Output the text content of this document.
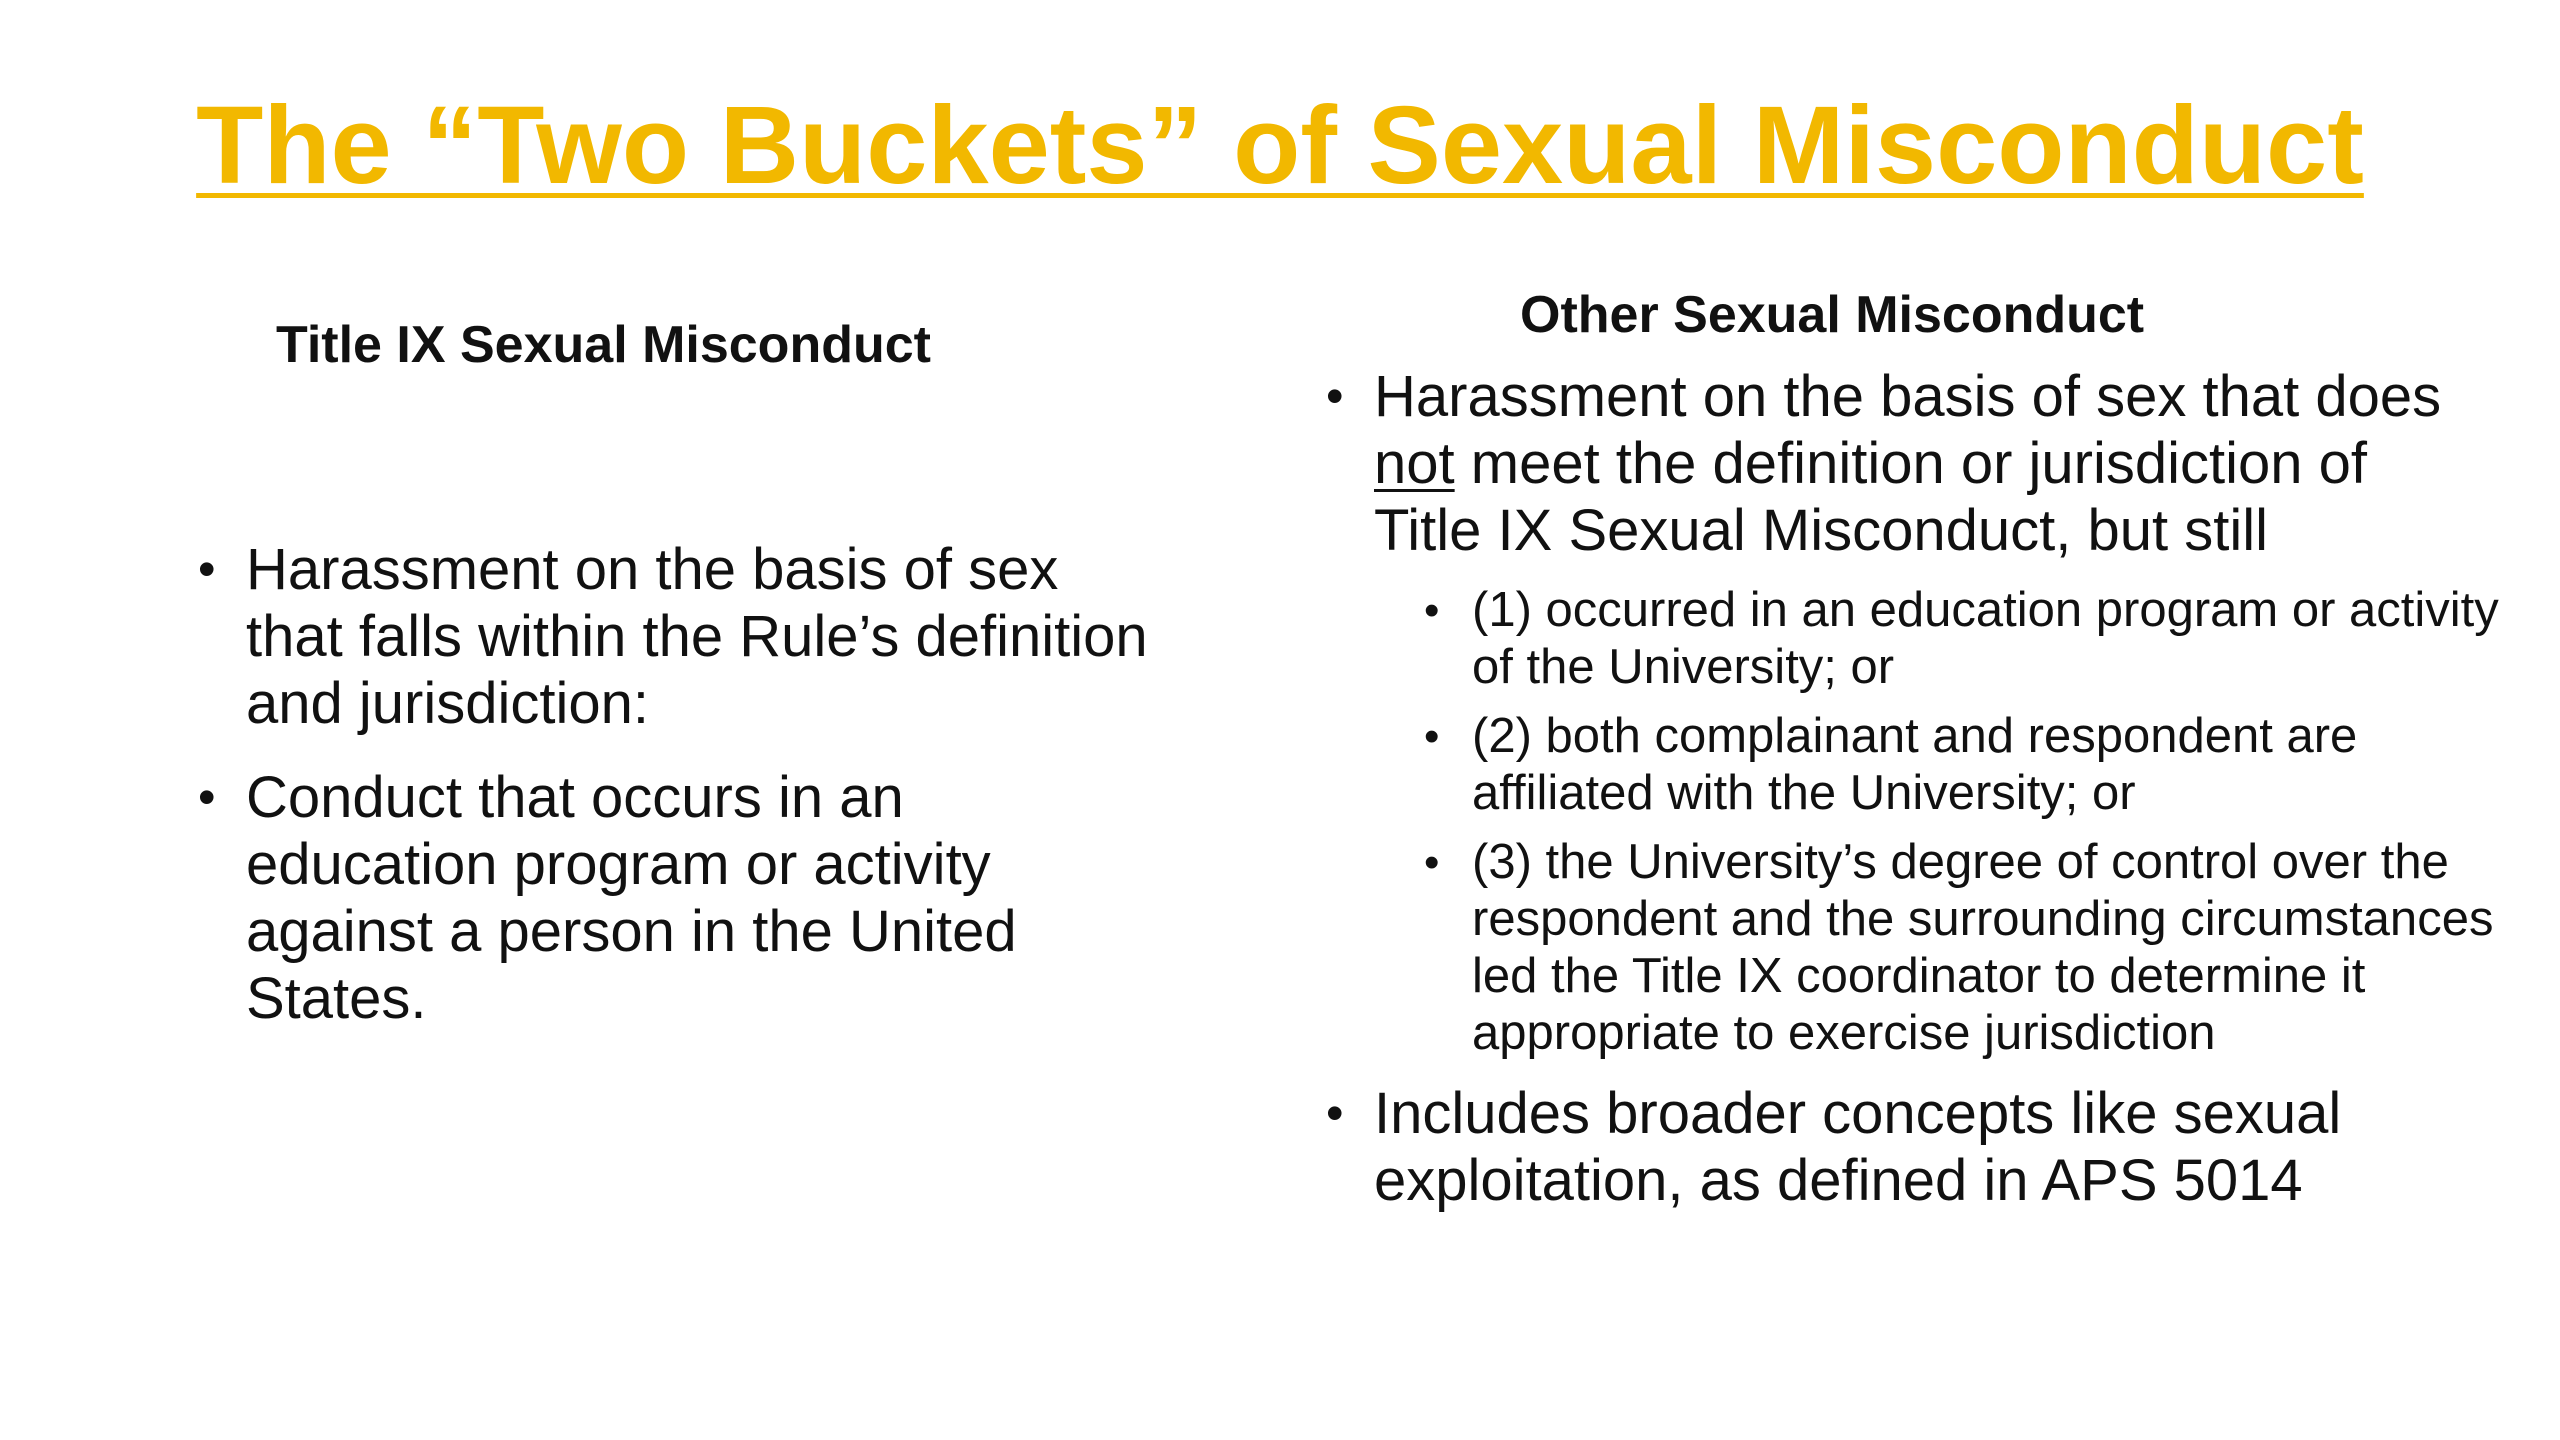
The “Two Buckets” of Sexual Misconduct
Title IX Sexual Misconduct
• Harassment on the basis of sex that falls within the Rule’s definition and jurisdiction:
• Conduct that occurs in an education program or activity against a person in the United States.
Other Sexual Misconduct
• Harassment on the basis of sex that does not meet the definition or jurisdiction of Title IX Sexual Misconduct, but still
• (1) occurred in an education program or activity of the University; or
• (2) both complainant and respondent are affiliated with the University; or
• (3) the University’s degree of control over the respondent and the surrounding circumstances led the Title IX coordinator to determine it appropriate to exercise jurisdiction
• Includes broader concepts like sexual exploitation, as defined in APS 5014
